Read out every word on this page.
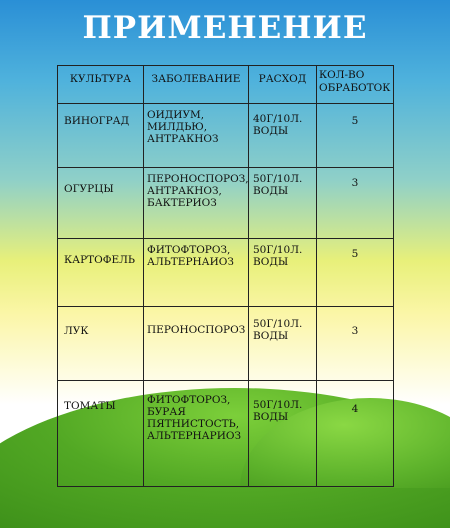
ПРИМЕНЕНИЕ
КУЛЬТУРА	ЗАБОЛЕВАНИЕ	РАСХОД	КОЛ-ВО ОБРАБОТОК
ВИНОГРАД	ОИДИУМ, МИЛДЬЮ, АНТРАКНОЗ	40Г/10Л. ВОДЫ	5
ОГУРЦЫ	ПЕРОНОСПОРОЗ, АНТРАКНОЗ, БАКТЕРИОЗ	50Г/10Л. ВОДЫ	3
КАРТОФЕЛЬ	ФИТОФТОРОЗ, АЛЬТЕРНАИОЗ	50Г/10Л. ВОДЫ	5
ЛУК	ПЕРОНОСПОРОЗ	50Г/10Л. ВОДЫ	3
ТОМАТЫ	ФИТОФТОРОЗ, БУРАЯ ПЯТНИСТОСТЬ, АЛЬТЕРНАРИОЗ	50Г/10Л. ВОДЫ	4
